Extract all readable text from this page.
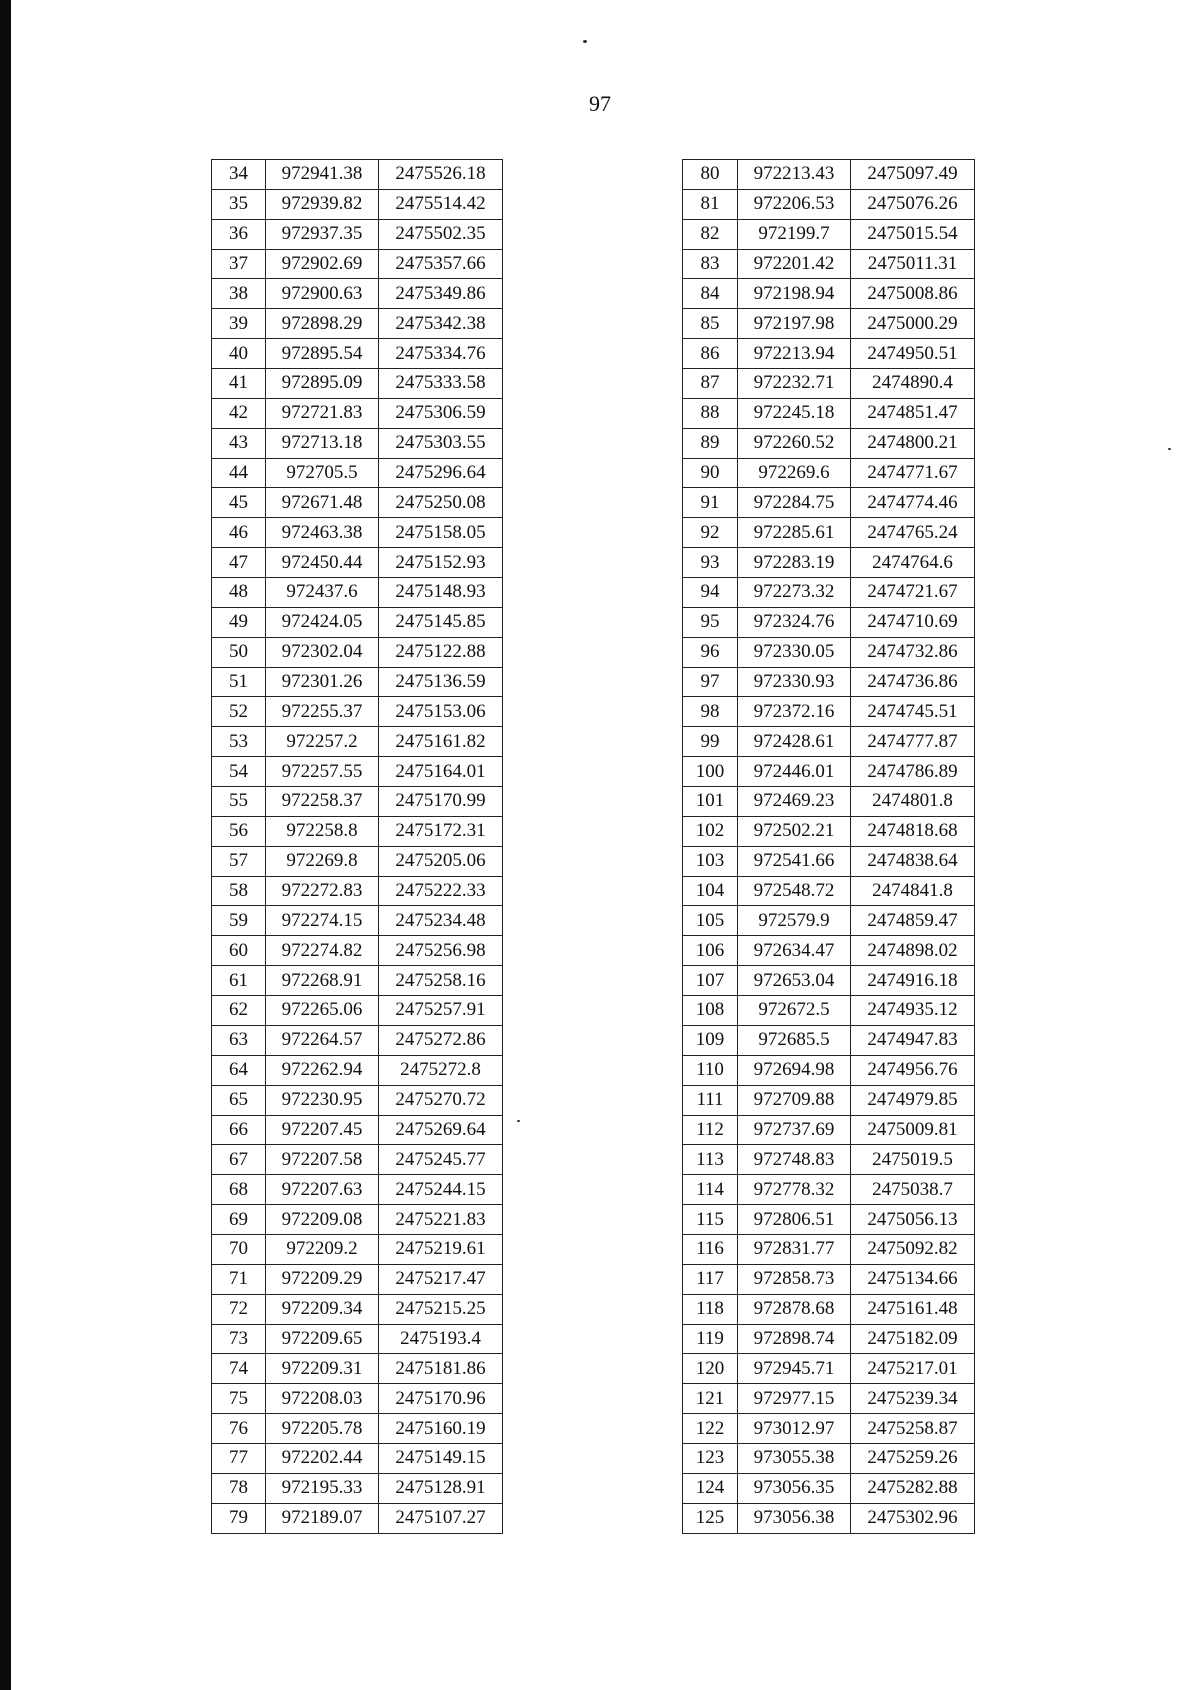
97
34	972941.38	2475526.18
35	972939.82	2475514.42
36	972937.35	2475502.35
37	972902.69	2475357.66
38	972900.63	2475349.86
39	972898.29	2475342.38
40	972895.54	2475334.76
41	972895.09	2475333.58
42	972721.83	2475306.59
43	972713.18	2475303.55
44	972705.5	2475296.64
45	972671.48	2475250.08
46	972463.38	2475158.05
47	972450.44	2475152.93
48	972437.6	2475148.93
49	972424.05	2475145.85
50	972302.04	2475122.88
51	972301.26	2475136.59
52	972255.37	2475153.06
53	972257.2	2475161.82
54	972257.55	2475164.01
55	972258.37	2475170.99
56	972258.8	2475172.31
57	972269.8	2475205.06
58	972272.83	2475222.33
59	972274.15	2475234.48
60	972274.82	2475256.98
61	972268.91	2475258.16
62	972265.06	2475257.91
63	972264.57	2475272.86
64	972262.94	2475272.8
65	972230.95	2475270.72
66	972207.45	2475269.64
67	972207.58	2475245.77
68	972207.63	2475244.15
69	972209.08	2475221.83
70	972209.2	2475219.61
71	972209.29	2475217.47
72	972209.34	2475215.25
73	972209.65	2475193.4
74	972209.31	2475181.86
75	972208.03	2475170.96
76	972205.78	2475160.19
77	972202.44	2475149.15
78	972195.33	2475128.91
79	972189.07	2475107.27
80	972213.43	2475097.49
81	972206.53	2475076.26
82	972199.7	2475015.54
83	972201.42	2475011.31
84	972198.94	2475008.86
85	972197.98	2475000.29
86	972213.94	2474950.51
87	972232.71	2474890.4
88	972245.18	2474851.47
89	972260.52	2474800.21
90	972269.6	2474771.67
91	972284.75	2474774.46
92	972285.61	2474765.24
93	972283.19	2474764.6
94	972273.32	2474721.67
95	972324.76	2474710.69
96	972330.05	2474732.86
97	972330.93	2474736.86
98	972372.16	2474745.51
99	972428.61	2474777.87
100	972446.01	2474786.89
101	972469.23	2474801.8
102	972502.21	2474818.68
103	972541.66	2474838.64
104	972548.72	2474841.8
105	972579.9	2474859.47
106	972634.47	2474898.02
107	972653.04	2474916.18
108	972672.5	2474935.12
109	972685.5	2474947.83
110	972694.98	2474956.76
111	972709.88	2474979.85
112	972737.69	2475009.81
113	972748.83	2475019.5
114	972778.32	2475038.7
115	972806.51	2475056.13
116	972831.77	2475092.82
117	972858.73	2475134.66
118	972878.68	2475161.48
119	972898.74	2475182.09
120	972945.71	2475217.01
121	972977.15	2475239.34
122	973012.97	2475258.87
123	973055.38	2475259.26
124	973056.35	2475282.88
125	973056.38	2475302.96
